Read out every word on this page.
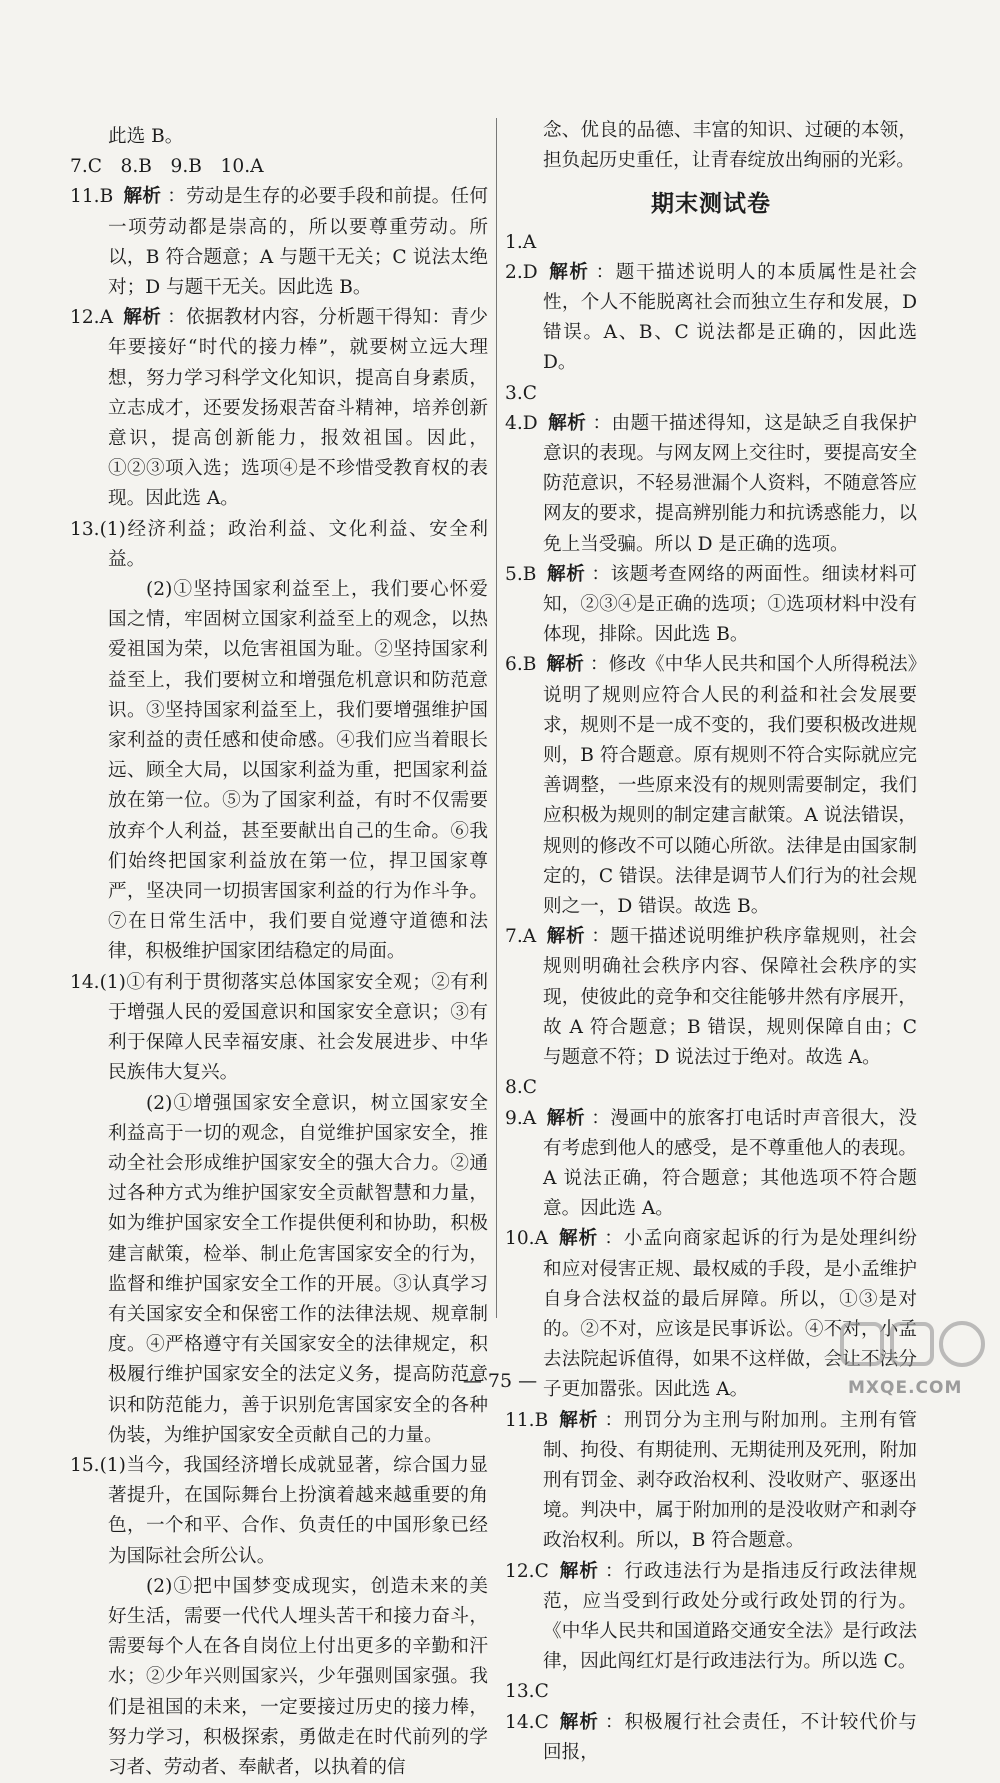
此选 B。

7.C　8.B　9.B　10.A

11.B 解析 ：劳动是生存的必要手段和前提。任何一项劳动都是崇高的，所以要尊重劳动。所以，B 符合题意；A 与题干无关；C 说法太绝对；D 与题干无关。因此选 B。

12.A 解析 ：依据教材内容，分析题干得知：青少年要接好“时代的接力棒”，就要树立远大理想，努力学习科学文化知识，提高自身素质，立志成才，还要发扬艰苦奋斗精神，培养创新意识，提高创新能力，报效祖国。因此，①②③项入选；选项④是不珍惜受教育权的表现。因此选 A。

13.(1)经济利益；政治利益、文化利益、安全利益。

(2)①坚持国家利益至上，我们要心怀爱国之情，牢固树立国家利益至上的观念，以热爱祖国为荣，以危害祖国为耻。②坚持国家利益至上，我们要树立和增强危机意识和防范意识。③坚持国家利益至上，我们要增强维护国家利益的责任感和使命感。④我们应当着眼长远、顾全大局，以国家利益为重，把国家利益放在第一位。⑤为了国家利益，有时不仅需要放弃个人利益，甚至要献出自己的生命。⑥我们始终把国家利益放在第一位，捍卫国家尊严，坚决同一切损害国家利益的行为作斗争。⑦在日常生活中，我们要自觉遵守道德和法律，积极维护国家团结稳定的局面。

14.(1)①有利于贯彻落实总体国家安全观；②有利于增强人民的爱国意识和国家安全意识；③有利于保障人民幸福安康、社会发展进步、中华民族伟大复兴。

(2)①增强国家安全意识，树立国家安全利益高于一切的观念，自觉维护国家安全，推动全社会形成维护国家安全的强大合力。②通过各种方式为维护国家安全贡献智慧和力量，如为维护国家安全工作提供便利和协助，积极建言献策，检举、制止危害国家安全的行为，监督和维护国家安全工作的开展。③认真学习有关国家安全和保密工作的法律法规、规章制度。④严格遵守有关国家安全的法律规定，积极履行维护国家安全的法定义务，提高防范意识和防范能力，善于识别危害国家安全的各种伪装，为维护国家安全贡献自己的力量。

15.(1)当今，我国经济增长成就显著，综合国力显著提升，在国际舞台上扮演着越来越重要的角色，一个和平、合作、负责任的中国形象已经为国际社会所公认。

(2)①把中国梦变成现实，创造未来的美好生活，需要一代代人埋头苦干和接力奋斗，需要每个人在各自岗位上付出更多的辛勤和汗水；②少年兴则国家兴，少年强则国家强。我们是祖国的未来，一定要接过历史的接力棒，努力学习，积极探索，勇做走在时代前列的学习者、劳动者、奉献者，以执着的信

念、优良的品德、丰富的知识、过硬的本领，担负起历史重任，让青春绽放出绚丽的光彩。

期末测试卷

1.A

2.D 解析 ：题干描述说明人的本质属性是社会性，个人不能脱离社会而独立生存和发展，D 错误。A、B、C 说法都是正确的，因此选 D。

3.C

4.D 解析 ：由题干描述得知，这是缺乏自我保护意识的表现。与网友网上交往时，要提高安全防范意识，不轻易泄漏个人资料，不随意答应网友的要求，提高辨别能力和抗诱惑能力，以免上当受骗。所以 D 是正确的选项。

5.B 解析 ：该题考查网络的两面性。细读材料可知，②③④是正确的选项；①选项材料中没有体现，排除。因此选 B。

6.B 解析 ：修改《中华人民共和国个人所得税法》说明了规则应符合人民的利益和社会发展要求，规则不是一成不变的，我们要积极改进规则，B 符合题意。原有规则不符合实际就应完善调整，一些原来没有的规则需要制定，我们应积极为规则的制定建言献策。A 说法错误，规则的修改不可以随心所欲。法律是由国家制定的，C 错误。法律是调节人们行为的社会规则之一，D 错误。故选 B。

7.A 解析 ：题干描述说明维护秩序靠规则，社会规则明确社会秩序内容、保障社会秩序的实现，使彼此的竞争和交往能够井然有序展开，故 A 符合题意；B 错误，规则保障自由；C 与题意不符；D 说法过于绝对。故选 A。

8.C

9.A 解析 ：漫画中的旅客打电话时声音很大，没有考虑到他人的感受，是不尊重他人的表现。A 说法正确，符合题意；其他选项不符合题意。因此选 A。

10.A 解析 ：小孟向商家起诉的行为是处理纠纷和应对侵害正规、最权威的手段，是小孟维护自身合法权益的最后屏障。所以，①③是对的。②不对，应该是民事诉讼。④不对，小孟去法院起诉值得，如果不这样做，会让不法分子更加嚣张。因此选 A。

11.B 解析 ：刑罚分为主刑与附加刑。主刑有管制、拘役、有期徒刑、无期徒刑及死刑，附加刑有罚金、剥夺政治权利、没收财产、驱逐出境。判决中，属于附加刑的是没收财产和剥夺政治权利。所以，B 符合题意。

12.C 解析 ：行政违法行为是指违反行政法律规范，应当受到行政处分或行政处罚的行为。《中华人民共和国道路交通安全法》是行政法律，因此闯红灯是行政违法行为。所以选 C。

13.C

14.C 解析 ：积极履行社会责任，不计较代价与回报，

— 75 —	MXQE.COM
